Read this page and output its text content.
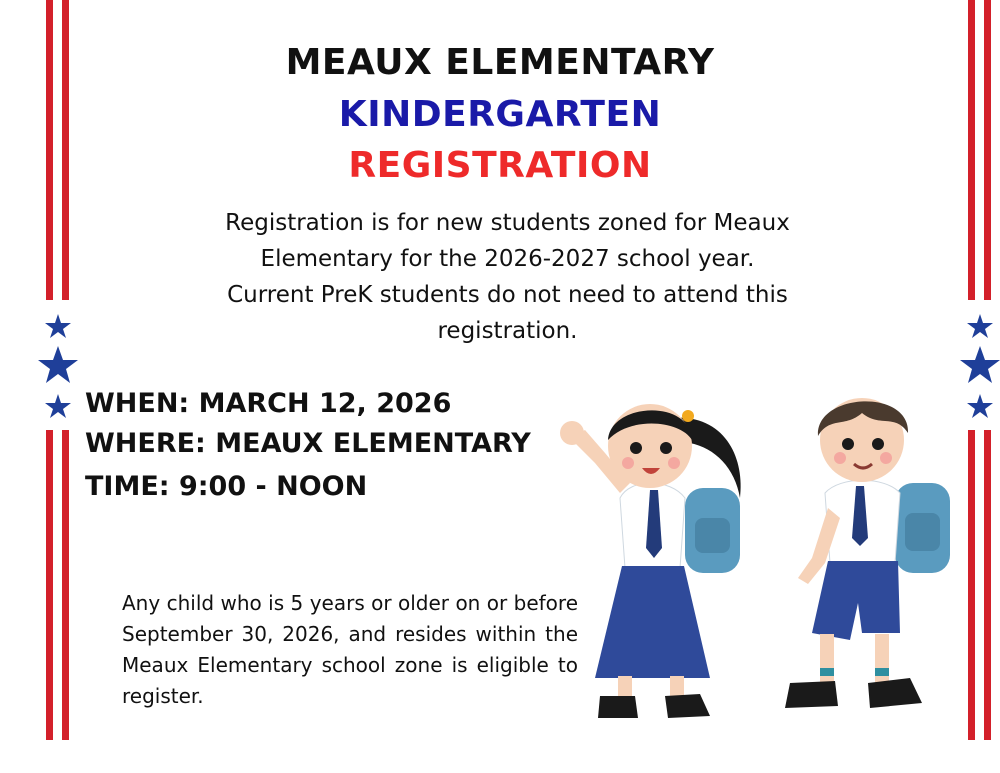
MEAUX ELEMENTARY
KINDERGARTEN
REGISTRATION
Registration is for new students zoned for Meaux Elementary for the 2026-2027 school year. Current PreK students do not need to attend this registration.
WHEN: MARCH 12, 2026
WHERE: MEAUX ELEMENTARY
TIME: 9:00 - NOON
Any child who is 5 years or older on or before September 30, 2026, and resides within the Meaux Elementary school zone is eligible to register.
